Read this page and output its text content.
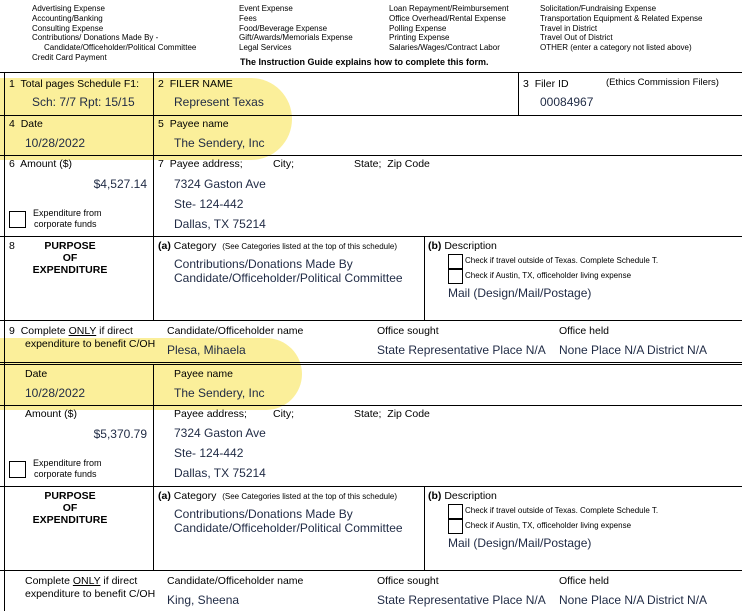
Advertising Expense
Accounting/Banking
Consulting Expense
Contributions/ Donations Made By -
Candidate/Officeholder/Political Committee
Credit Card Payment
Event Expense
Fees
Food/Beverage Expense
Gift/Awards/Memorials Expense
Legal Services
Loan Repayment/Reimbursement
Office Overhead/Rental Expense
Polling Expense
Printing Expense
Salaries/Wages/Contract Labor
Solicitation/Fundraising Expense
Transportation Equipment & Related Expense
Travel in District
Travel Out of District
OTHER (enter a category not listed above)
The Instruction Guide explains how to complete this form.
1 Total pages Schedule F1:
Sch: 7/7 Rpt: 15/15
2 FILER NAME
Represent Texas
3 Filer ID	(Ethics Commission Filers)
00084967
4 Date
10/28/2022
5 Payee name
The Sendery, Inc
6 Amount ($)
$4,527.14
Expenditure from
corporate funds
7 Payee address;	City;	State; Zip Code
7324 Gaston Ave
Ste- 124-442
Dallas, TX 75214
8	PURPOSE
OF
EXPENDITURE
(a) Category (See Categories listed at the top of this schedule)
Contributions/Donations Made By
Candidate/Officeholder/Political Committee
(b) Description
Check if travel outside of Texas. Complete Schedule T.
Check if Austin, TX, officeholder living expense
Mail (Design/Mail/Postage)
9 Complete ONLY if direct
expenditure to benefit C/OH
Candidate/Officeholder name
Plesa, Mihaela
Office sought
State Representative Place N/A
Office held
None Place N/A District N/A
Date
10/28/2022
Payee name
The Sendery, Inc
Amount ($)
$5,370.79
Expenditure from
corporate funds
Payee address; City;	State; Zip Code
7324 Gaston Ave
Ste- 124-442
Dallas, TX 75214
PURPOSE
OF
EXPENDITURE
(a) Category (See Categories listed at the top of this schedule)
Contributions/Donations Made By
Candidate/Officeholder/Political Committee
(b) Description
Check if travel outside of Texas. Complete Schedule T.
Check if Austin, TX, officeholder living expense
Mail (Design/Mail/Postage)
Complete ONLY if direct
expenditure to benefit C/OH
Candidate/Officeholder name
King, Sheena
Office sought
State Representative Place N/A
Office held
None Place N/A District N/A
